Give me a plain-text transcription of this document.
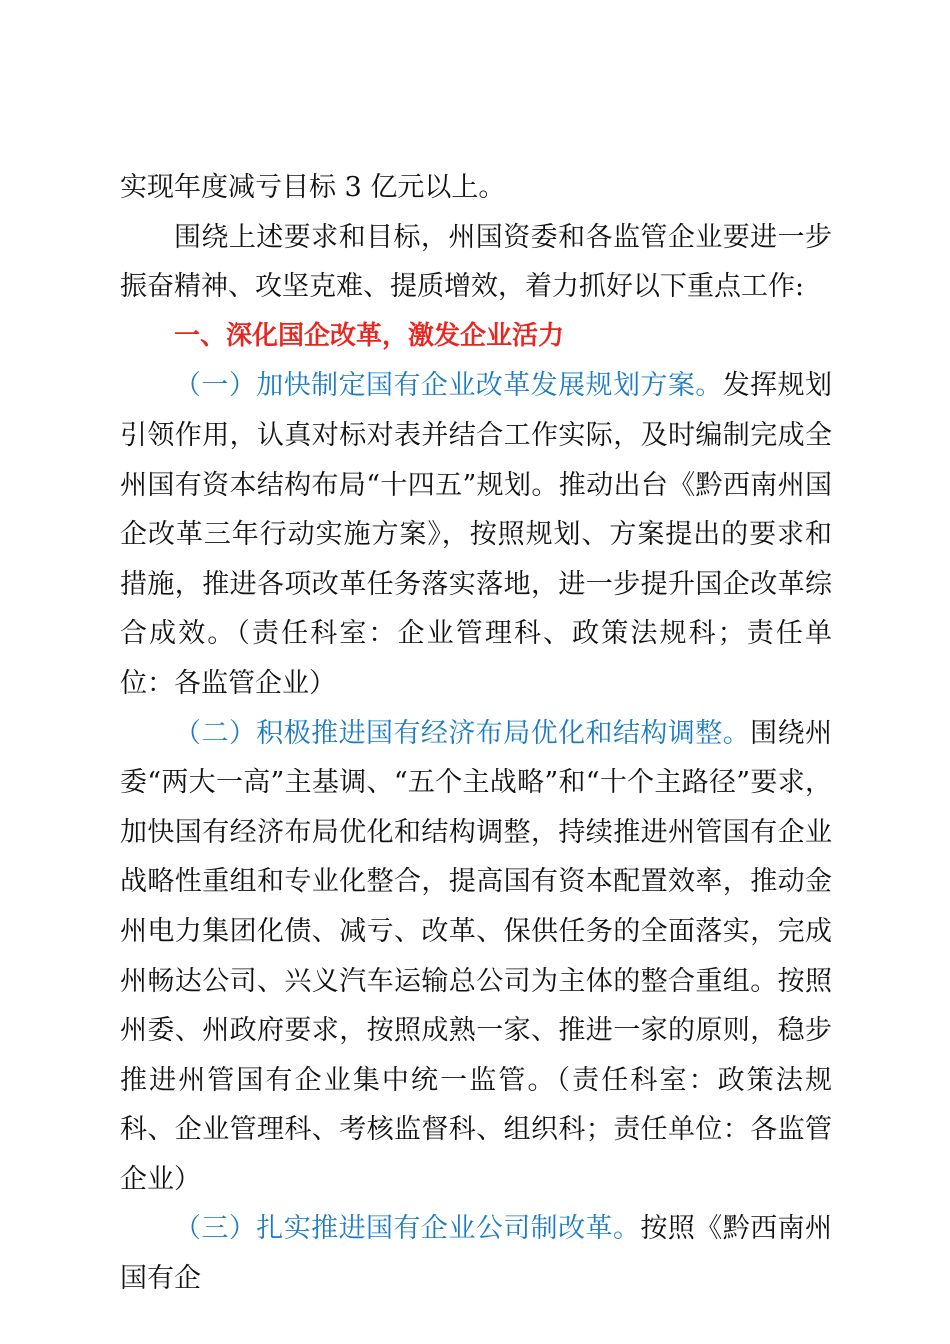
实现年度减亏目标 3 亿元以上。

围绕上述要求和目标，州国资委和各监管企业要进一步振奋精神、攻坚克难、提质增效，着力抓好以下重点工作:

一、深化国企改革，激发企业活力

（一）加快制定国有企业改革发展规划方案。发挥规划引领作用，认真对标对表并结合工作实际，及时编制完成全州国有资本结构布局“十四五”规划。推动出台《黔西南州国企改革三年行动实施方案》，按照规划、方案提出的要求和措施，推进各项改革任务落实落地，进一步提升国企改革综合成效。（责任科室：企业管理科、政策法规科；责任单位：各监管企业）

（二）积极推进国有经济布局优化和结构调整。围绕州委“两大一高”主基调、“五个主战略”和“十个主路径”要求，加快国有经济布局优化和结构调整，持续推进州管国有企业战略性重组和专业化整合，提高国有资本配置效率，推动金州电力集团化债、减亏、改革、保供任务的全面落实，完成州畅达公司、兴义汽车运输总公司为主体的整合重组。按照州委、州政府要求，按照成熟一家、推进一家的原则，稳步推进州管国有企业集中统一监管。（责任科室：政策法规科、企业管理科、考核监督科、组织科；责任单位：各监管企业）

（三）扎实推进国有企业公司制改革。按照《黔西南州国有企
